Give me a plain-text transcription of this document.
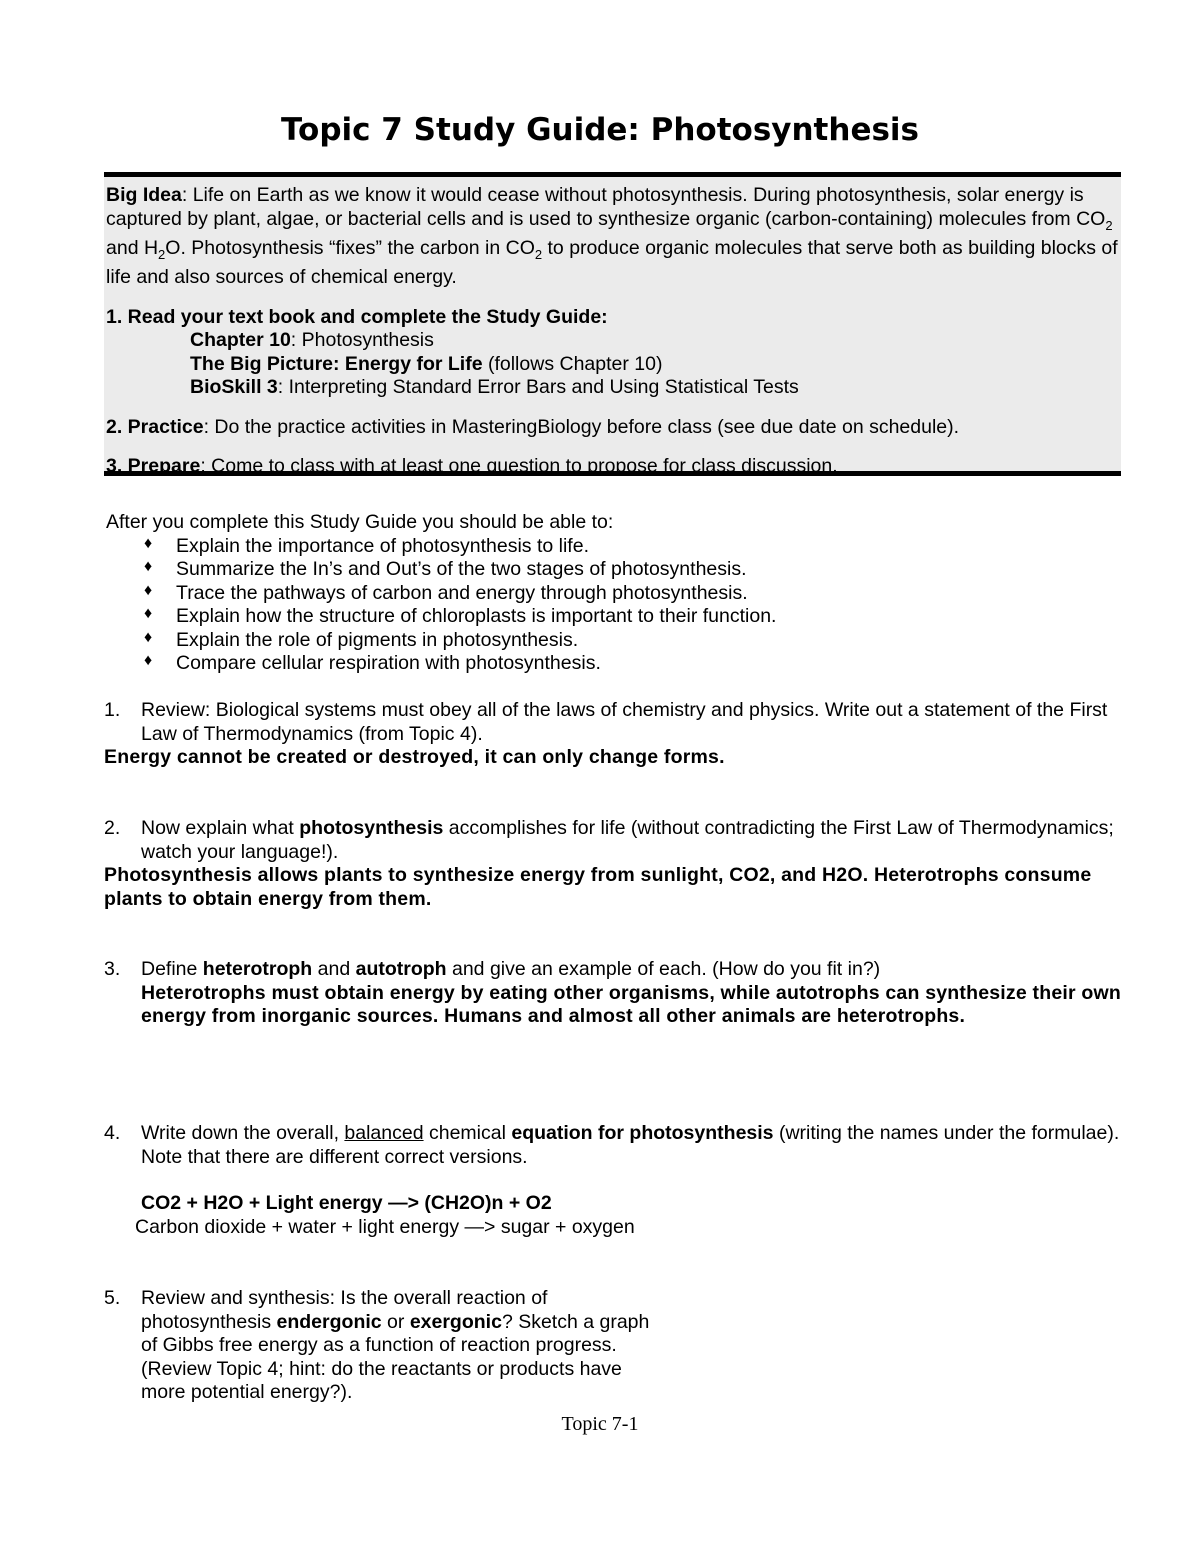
Topic 7 Study Guide: Photosynthesis

Big Idea: Life on Earth as we know it would cease without photosynthesis. During photosynthesis, solar energy is captured by plant, algae, or bacterial cells and is used to synthesize organic (carbon-containing) molecules from $CO_2$ and $H_2O$. Photosynthesis “fixes” the carbon in $CO_2$ to produce organic molecules that serve both as building blocks of life and also sources of chemical energy.

1. Read your text book and complete the Study Guide:
Chapter 10: Photosynthesis
The Big Picture: Energy for Life (follows Chapter 10)
BioSkill 3: Interpreting Standard Error Bars and Using Statistical Tests
2. Practice: Do the practice activities in MasteringBiology before class (see due date on schedule).
3. Prepare: Come to class with at least one question to propose for class discussion.
After you complete this Study Guide you should be able to:
♦ Explain the importance of photosynthesis to life.
♦ Summarize the In’s and Out’s of the two stages of photosynthesis.
♦ Trace the pathways of carbon and energy through photosynthesis.
♦ Explain how the structure of chloroplasts is important to their function.
♦ Explain the role of pigments in photosynthesis.
♦ Compare cellular respiration with photosynthesis.
1.	Review: Biological systems must obey all of the laws of chemistry and physics. Write out a statement of the First Law of Thermodynamics (from Topic 4).
Energy cannot be created or destroyed, it can only change forms.
2.	Now explain what photosynthesis accomplishes for life (without contradicting the First Law of Thermodynamics; watch your language!).
Photosynthesis allows plants to synthesize energy from sunlight, CO2, and H2O. Heterotrophs consume plants to obtain energy from them.
3.	Define heterotroph and autotroph and give an example of each. (How do you fit in?)
Heterotrophs must obtain energy by eating other organisms, while autotrophs can synthesize their own energy from inorganic sources. Humans and almost all other animals are heterotrophs.
4.	Write down the overall, balanced chemical equation for photosynthesis (writing the names under the formulae). Note that there are different correct versions.
CO2 + H2O + Light energy —> (CH2O)n + O2
Carbon dioxide + water + light energy —> sugar + oxygen
5.	Review and synthesis: Is the overall reaction of photosynthesis endergonic or exergonic? Sketch a graph of Gibbs free energy as a function of reaction progress. (Review Topic 4; hint: do the reactants or products have more potential energy?).
Topic 7-1
